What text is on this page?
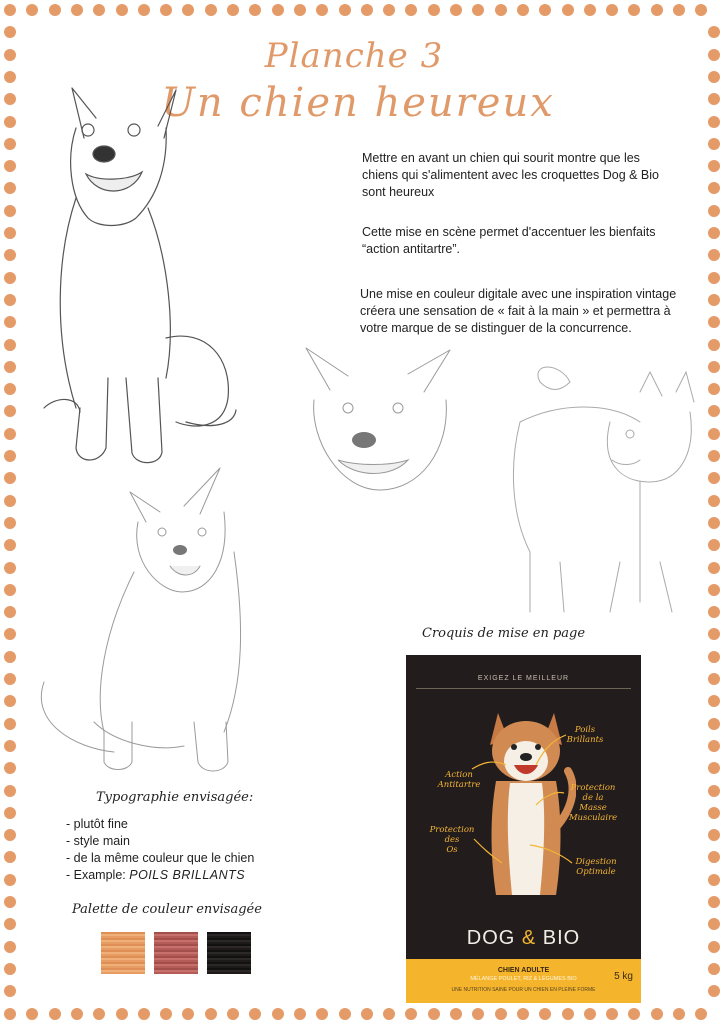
Planche 3
Un chien heureux
Mettre en avant un chien qui sourit montre que les chiens qui s'alimentent avec les croquettes Dog & Bio sont heureux
Cette mise en scène permet d'accentuer les bienfaits “action antitartre”.
Une mise en couleur digitale avec une inspiration vintage créera une sensation de « fait à la main » et permettra à votre marque de se distinguer de la concurrence.
Croquis de mise en page
EXIGEZ LE MEILLEUR
Poils
Brillants
Action
Antitartre	Protection
de la
Masse
Musculaire
Protection
des
Os
Digestion
Optimale
DOG & BIO
CHIEN ADULTE
MÉLANGE POULET, RIZ & LÉGUMES BIO
UNE NUTRITION SAINE POUR UN CHIEN EN PLEINE FORME
5 kg
Typographie envisagée:
- plutôt fine
- style main
- de la même couleur que le chien
- Example: POILS BRILLANTS
Palette de couleur envisagée
